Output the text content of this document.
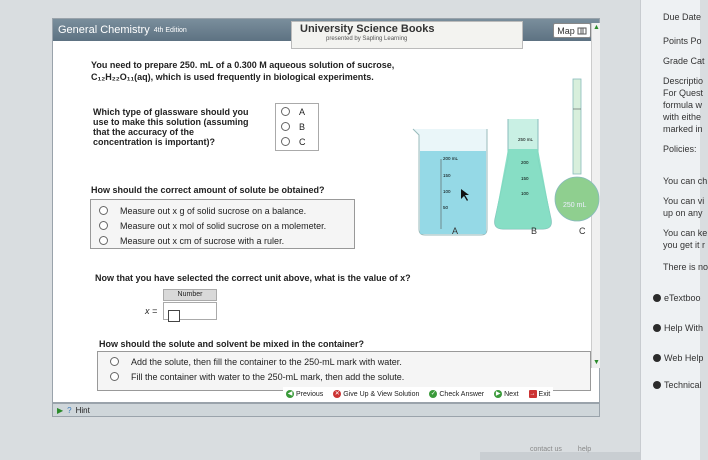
Due Date
Points Po
Grade Cat
Descriptio
For Quest
formula w
with eithe
marked in
Policies:
You can ch
You can vi
up on any
You can ke
you get it r
There is no
eTextboo
Help With
Web Help
Technical
General Chemistry 4th Edition	University Science Books
presented by Sapling Learning
Map	▲
▼
You need to prepare 250. mL of a 0.300 M aqueous solution of sucrose,
C₁₂H₂₂O₁₁(aq), which is used frequently in biological experiments.
Which type of glassware should you use to make this solution (assuming that the accuracy of the concentration is important)?
A
B
C
200 mL
150
100
50
250 mL
200
150
100
250 mL
A	B	C
How should the correct amount of solute be obtained?
Measure out x g of solid sucrose on a balance.
Measure out x mol of solid sucrose on a molemeter.
Measure out x cm of sucrose with a ruler.
Now that you have selected the correct unit above, what is the value of x?
Number
x =
How should the solute and solvent be mixed in the container?
Add the solute, then fill the container to the 250-mL mark with water.
Fill the container with water to the 250-mL mark, then add the solute.
◀ Previous ✕ Give Up & View Solution ✓ Check Answer ▶ Next → Exit
▶ ? Hint
contact us help
